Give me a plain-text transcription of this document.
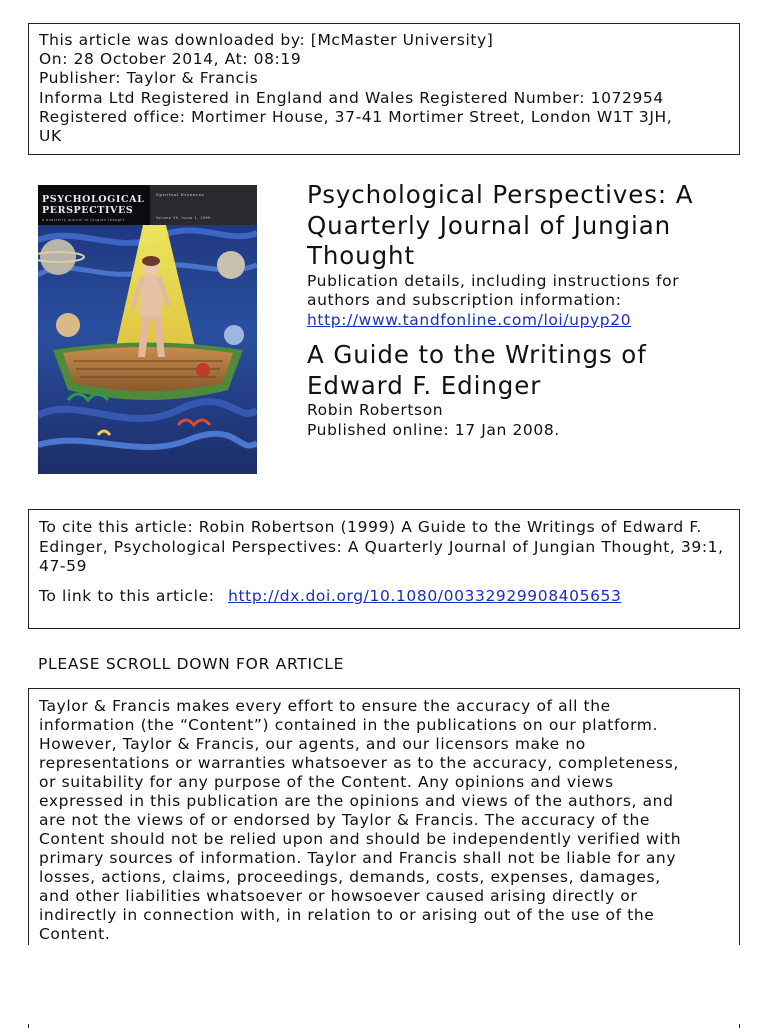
This article was downloaded by: [McMaster University]
On: 28 October 2014, At: 08:19
Publisher: Taylor & Francis
Informa Ltd Registered in England and Wales Registered Number: 1072954
Registered office: Mortimer House, 37-41 Mortimer Street, London W1T 3JH,
UK
PSYCHOLOGICAL
PERSPECTIVES
a quarterly journal of Jungian thought
Spiritual Essences
Volume 39, Issue 1, 1999
Psychological Perspectives: A
Quarterly Journal of Jungian
Thought
Publication details, including instructions for
authors and subscription information:
http://www.tandfonline.com/loi/upyp20
A Guide to the Writings of
Edward F. Edinger
Robin Robertson
Published online: 17 Jan 2008.
To cite this article: Robin Robertson (1999) A Guide to the Writings of Edward F.
Edinger, Psychological Perspectives: A Quarterly Journal of Jungian Thought, 39:1,
47-59
To link to this article: http://dx.doi.org/10.1080/00332929908405653
PLEASE SCROLL DOWN FOR ARTICLE
Taylor & Francis makes every effort to ensure the accuracy of all the
information (the “Content”) contained in the publications on our platform.
However, Taylor & Francis, our agents, and our licensors make no
representations or warranties whatsoever as to the accuracy, completeness,
or suitability for any purpose of the Content. Any opinions and views
expressed in this publication are the opinions and views of the authors, and
are not the views of or endorsed by Taylor & Francis. The accuracy of the
Content should not be relied upon and should be independently verified with
primary sources of information. Taylor and Francis shall not be liable for any
losses, actions, claims, proceedings, demands, costs, expenses, damages,
and other liabilities whatsoever or howsoever caused arising directly or
indirectly in connection with, in relation to or arising out of the use of the
Content.
